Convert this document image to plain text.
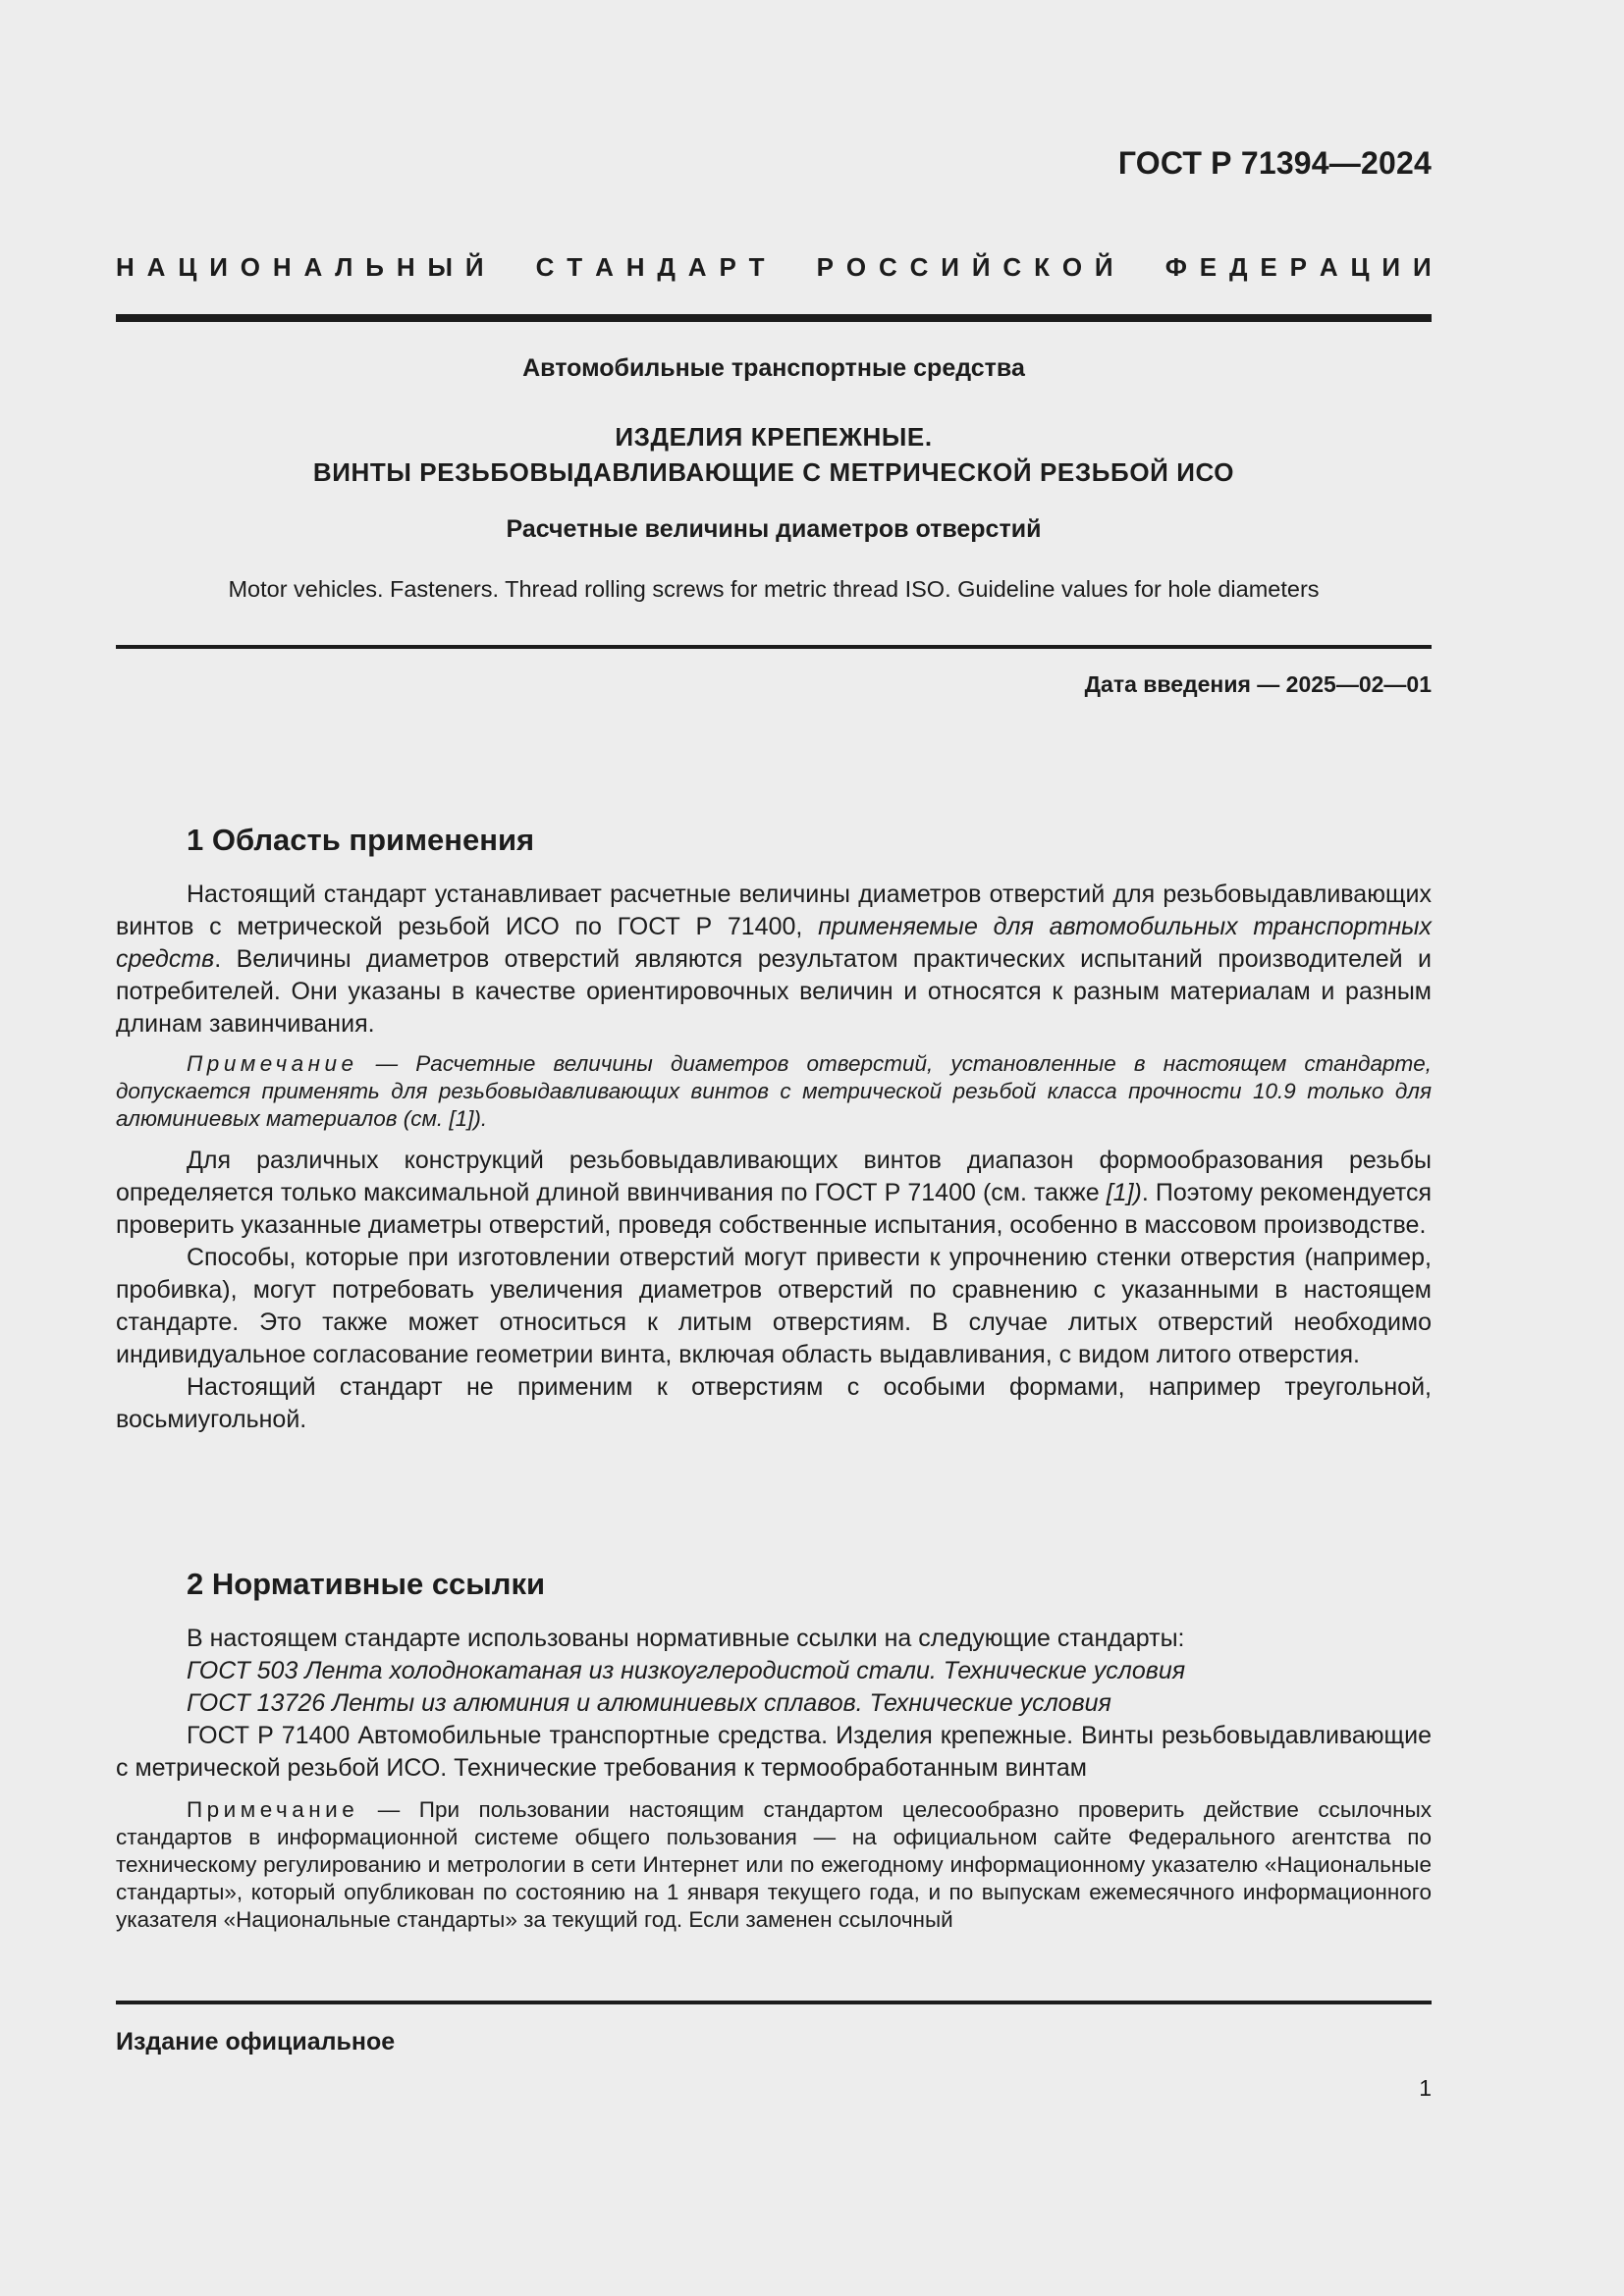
ГОСТ Р 71394—2024
Н А Ц И О Н А Л Ь Н Ы Й

С Т А Н Д А Р Т

Р О С С И Й С К О Й

Ф Е Д Е Р А Ц И И
Автомобильные транспортные средства
ИЗДЕЛИЯ КРЕПЕЖНЫЕ.
ВИНТЫ РЕЗЬБОВЫДАВЛИВАЮЩИЕ С МЕТРИЧЕСКОЙ РЕЗЬБОЙ ИСО
Расчетные величины диаметров отверстий
Motor vehicles. Fasteners. Thread rolling screws for metric thread ISO. Guideline values for hole diameters
Дата введения — 2025—02—01
1 Область применения

Настоящий стандарт устанавливает расчетные величины диаметров отверстий для резьбовыдавливающих винтов с метрической резьбой ИСО по ГОСТ Р 71400, применяемые для автомобильных транспортных средств. Величины диаметров отверстий являются результатом практических испытаний производителей и потребителей. Они указаны в качестве ориентировочных величин и относятся к разным материалам и разным длинам завинчивания.

Примечание — Расчетные величины диаметров отверстий, установленные в настоящем стандарте, допускается применять для резьбовыдавливающих винтов с метрической резьбой класса прочности 10.9 только для алюминиевых материалов (см. [1]).

Для различных конструкций резьбовыдавливающих винтов диапазон формообразования резьбы определяется только максимальной длиной ввинчивания по ГОСТ Р 71400 (см. также [1]). Поэтому рекомендуется проверить указанные диаметры отверстий, проведя собственные испытания, особенно в массовом производстве.

Способы, которые при изготовлении отверстий могут привести к упрочнению стенки отверстия (например, пробивка), могут потребовать увеличения диаметров отверстий по сравнению с указанными в настоящем стандарте. Это также может относиться к литым отверстиям. В случае литых отверстий необходимо индивидуальное согласование геометрии винта, включая область выдавливания, с видом литого отверстия.

Настоящий стандарт не применим к отверстиям с особыми формами, например треугольной, восьмиугольной.

2 Нормативные ссылки

В настоящем стандарте использованы нормативные ссылки на следующие стандарты:

ГОСТ 503 Лента холоднокатаная из низкоуглеродистой стали. Технические условия

ГОСТ 13726 Ленты из алюминия и алюминиевых сплавов. Технические условия

ГОСТ Р 71400 Автомобильные транспортные средства. Изделия крепежные. Винты резьбовыдавливающие с метрической резьбой ИСО. Технические требования к термообработанным винтам

Примечание — При пользовании настоящим стандартом целесообразно проверить действие ссылочных стандартов в информационной системе общего пользования — на официальном сайте Федерального агентства по техническому регулированию и метрологии в сети Интернет или по ежегодному информационному указателю «Национальные стандарты», который опубликован по состоянию на 1 января текущего года, и по выпускам ежемесячного информационного указателя «Национальные стандарты» за текущий год. Если заменен ссылочный

Издание официальное
1
